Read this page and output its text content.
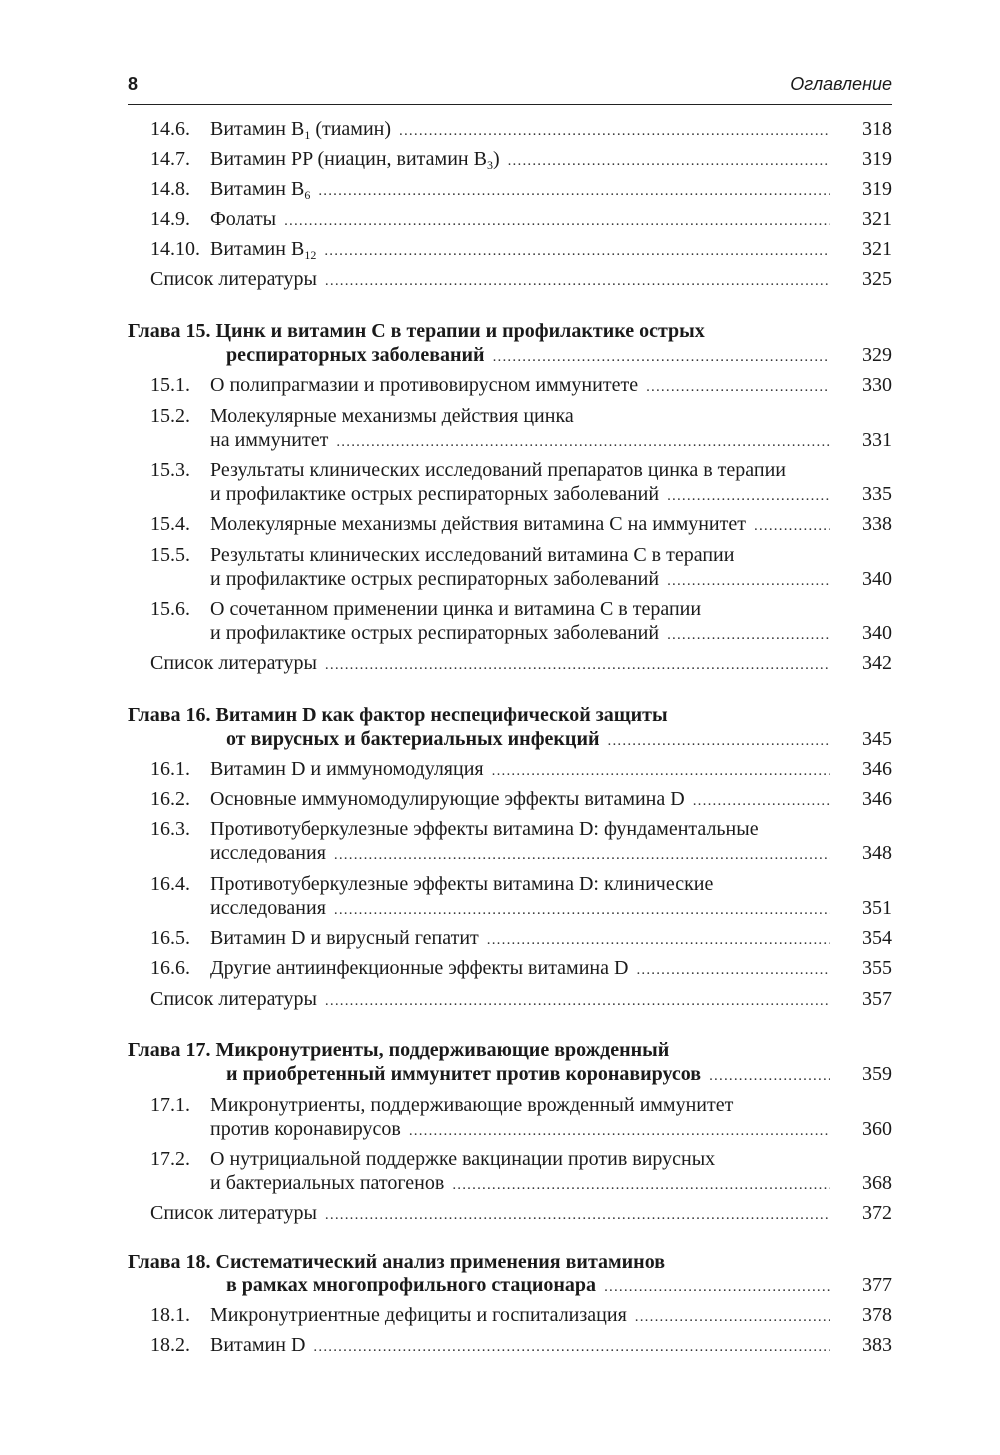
8	Оглавление
14.6. Витамин $B_1$ (тиамин) .....	318
14.7. Витамин PP (ниацин, витамин $B_3$) .....	319
14.8. Витамин $B_6$ .....	319
14.9. Фолаты .....	321
14.10. Витамин $B_{12}$ .....	321
Список литературы .....	325
Глава 15. Цинк и витамин C в терапии и профилактике острых
респираторных заболеваний .....	329
15.1. О полипрагмазии и противовирусном иммунитете .....	330
15.2. Молекулярные механизмы действия цинка
на иммунитет .....	331
15.3. Результаты клинических исследований препаратов цинка в терапии
и профилактике острых респираторных заболеваний .....	335
15.4. Молекулярные механизмы действия витамина C на иммунитет .....	338
15.5. Результаты клинических исследований витамина C в терапии
и профилактике острых респираторных заболеваний .....	340
15.6. О сочетанном применении цинка и витамина C в терапии
и профилактике острых респираторных заболеваний .....	340
Список литературы .....	342
Глава 16. Витамин D как фактор неспецифической защиты
от вирусных и бактериальных инфекций .....	345
16.1. Витамин D и иммуномодуляция .....	346
16.2. Основные иммуномодулирующие эффекты витамина D .....	346
16.3. Противотуберкулезные эффекты витамина D: фундаментальные
исследования .....	348
16.4. Противотуберкулезные эффекты витамина D: клинические
исследования .....	351
16.5. Витамин D и вирусный гепатит .....	354
16.6. Другие антиинфекционные эффекты витамина D .....	355
Список литературы .....	357
Глава 17. Микронутриенты, поддерживающие врожденный
и приобретенный иммунитет против коронавирусов .....	359
17.1. Микронутриенты, поддерживающие врожденный иммунитет
против коронавирусов .....	360
17.2. О нутрициальной поддержке вакцинации против вирусных
и бактериальных патогенов .....	368
Список литературы .....	372
Глава 18. Систематический анализ применения витаминов
в рамках многопрофильного стационара .....	377
18.1. Микронутриентные дефициты и госпитализация .....	378
18.2. Витамин D .....	383
